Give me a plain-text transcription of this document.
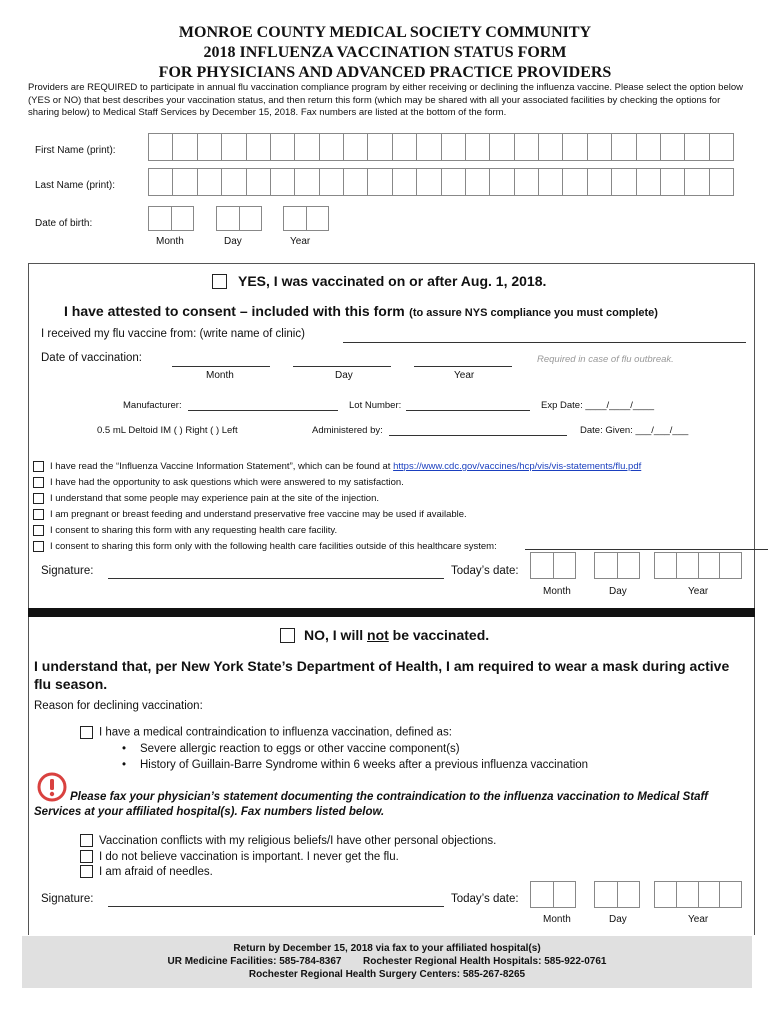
MONROE COUNTY MEDICAL SOCIETY COMMUNITY
2018 INFLUENZA VACCINATION STATUS FORM
FOR PHYSICIANS AND ADVANCED PRACTICE PROVIDERS
Providers are REQUIRED to participate in annual flu vaccination compliance program by either receiving or declining the influenza vaccine. Please select the option below (YES or NO) that best describes your vaccination status, and then return this form (which may be shared with all your associated facilities by checking the options for sharing below) to Medical Staff Services by December 15, 2018. Fax numbers are listed at the bottom of the form.
First Name (print):
Last Name (print):
Date of birth:
Month	Day	Year
YES, I was vaccinated on or after Aug. 1, 2018.
I have attested to consent – included with this form (to assure NYS compliance you must complete)
I received my flu vaccine from: (write name of clinic)
Date of vaccination:	Required in case of flu outbreak.
Month	Day	Year
Manufacturer:	Lot Number:	Exp Date: ____/____/____
0.5 mL Deltoid IM ( ) Right ( ) Left	Administered by:	Date: Given: ___/___/___
I have read the “Influenza Vaccine Information Statement”, which can be found at https://www.cdc.gov/vaccines/hcp/vis/vis-statements/flu.pdf
I have had the opportunity to ask questions which were answered to my satisfaction.
I understand that some people may experience pain at the site of the injection.
I am pregnant or breast feeding and understand preservative free vaccine may be used if available.
I consent to sharing this form with any requesting health care facility.
I consent to sharing this form only with the following health care facilities outside of this healthcare system:
Signature:	Today’s date:
Month	Day	Year
NO, I will not be vaccinated.
I understand that, per New York State’s Department of Health, I am required to wear a mask during active flu season.
Reason for declining vaccination:
I have a medical contraindication to influenza vaccination, defined as:
• Severe allergic reaction to eggs or other vaccine component(s)
• History of Guillain-Barre Syndrome within 6 weeks after a previous influenza vaccination
Please fax your physician’s statement documenting the contraindication to the influenza vaccination to Medical Staff Services at your affiliated hospital(s). Fax numbers listed below.
Vaccination conflicts with my religious beliefs/I have other personal objections.
I do not believe vaccination is important. I never get the flu.
I am afraid of needles.
Signature:	Today’s date:
Month	Day	Year
Return by December 15, 2018 via fax to your affiliated hospital(s)
UR Medicine Facilities: 585-784-8367 Rochester Regional Health Hospitals: 585-922-0761
Rochester Regional Health Surgery Centers: 585-267-8265
